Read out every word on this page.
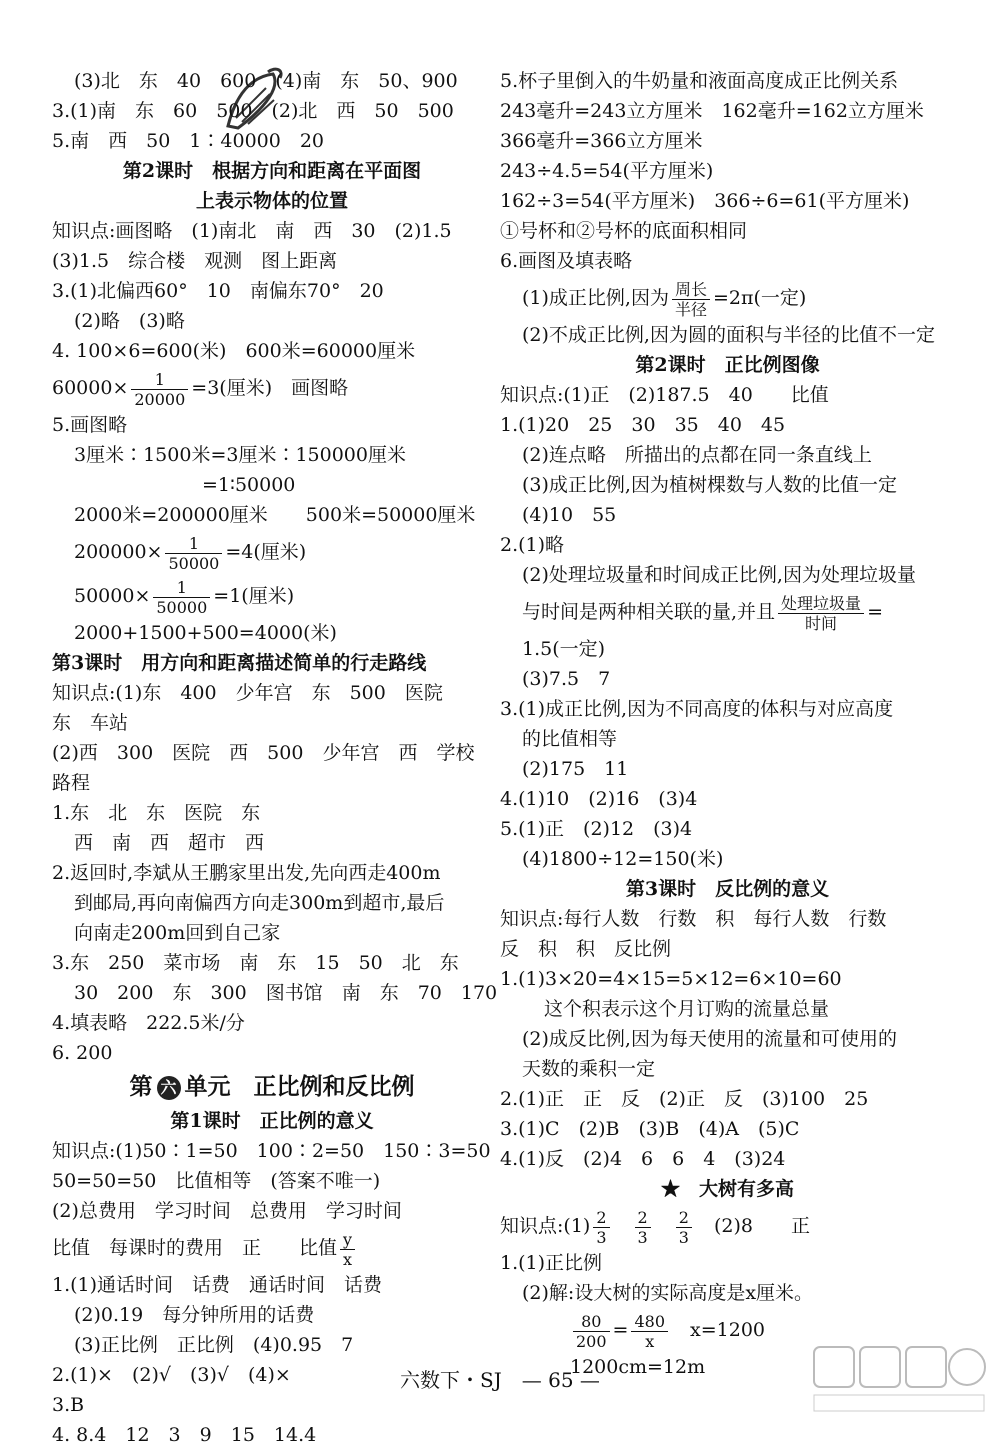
(3)北　东　40　600　(4)南　东　50、900
3.(1)南　东　60　500　(2)北　西　50　500
5.南　西　50　1∶40000　20
第2课时　根据方向和距离在平面图
上表示物体的位置
知识点:画图略　(1)南北　南　西　30　(2)1.5
(3)1.5　综合楼　观测　图上距离
3.(1)北偏西60°　10　南偏东70°　20
(2)略　(3)略
4. 100×6=600(米)　600米=60000厘米
$60000\times \frac{1}{20000} =3$(厘米)　画图略
5.画图略
3厘米∶1500米=3厘米∶150000厘米
=1∶50000
2000米=200000厘米　　500米=50000厘米
$200000\times \frac{1}{50000} =4$(厘米)
$50000\times \frac{1}{50000} =1$(厘米)
2000+1500+500=4000(米)
第3课时　用方向和距离描述简单的行走路线
知识点:(1)东　400　少年宫　东　500　医院
东　车站
(2)西　300　医院　西　500　少年宫　西　学校
路程
1.东　北　东　医院　东
西　南　西　超市　西
2.返回时,李斌从王鹏家里出发,先向西走400m
到邮局,再向南偏西方向走300m到超市,最后
向南走200m回到自己家
3.东　250　菜市场　南　东　15　50　北　东
30　200　东　300　图书馆　南　东　70　170
4.填表略　222.5米/分
6. 200
第 六 单元　正比例和反比例
第1课时　正比例的意义
知识点:(1)50∶1=50　100∶2=50　150∶3=50
50=50=50　比值相等　(答案不唯一)
(2)总费用　学习时间　总费用　学习时间
比值　每课时的费用　正　　比值 $\frac{y}{x}$
1.(1)通话时间　话费　通话时间　话费
(2)0.19　每分钟所用的话费
(3)正比例　正比例　(4)0.95　7
2.(1)×　(2)√　(3)√　(4)×
3.B
4. 8.4　12　3　9　15　14.4
5.杯子里倒入的牛奶量和液面高度成正比例关系
243毫升=243立方厘米　162毫升=162立方厘米
366毫升=366立方厘米
243÷4.5=54(平方厘米)
162÷3=54(平方厘米)　366÷6=61(平方厘米)
①号杯和②号杯的底面积相同
6.画图及填表略
(1)成正比例,因为 $\frac{\text{周长}}{\text{半径}} =2\pi$(一定)
(2)不成正比例,因为圆的面积与半径的比值不一定
第2课时　正比例图像
知识点:(1)正　(2)187.5　40　　比值
1.(1)20　25　30　35　40　45
(2)连点略　所描出的点都在同一条直线上
(3)成正比例,因为植树棵数与人数的比值一定
(4)10　55
2.(1)略
(2)处理垃圾量和时间成正比例,因为处理垃圾量
与时间是两种相关联的量,并且 $\frac{\text{处理垃圾量}}{\text{时间}}$ =
1.5(一定)
(3)7.5　7
3.(1)成正比例,因为不同高度的体积与对应高度
的比值相等
(2)175　11
4.(1)10　(2)16　(3)4
5.(1)正　(2)12　(3)4
(4)1800÷12=150(米)
第3课时　反比例的意义
知识点:每行人数　行数　积　每行人数　行数
反　积　积　反比例
1.(1)3×20=4×15=5×12=6×10=60
这个积表示这个月订购的流量总量
(2)成反比例,因为每天使用的流量和可使用的
天数的乘积一定
2.(1)正　正　反　(2)正　反　(3)100　25
3.(1)C　(2)B　(3)B　(4)A　(5)C
4.(1)反　(2)4　6　6　4　(3)24
★　大树有多高
知识点:(1) $\frac{2}{3}$
　 $\frac{2}{3}$
　 $\frac{2}{3}$
　 (2)8　　正
1.(1)正比例
(2)解:设大树的实际高度是x厘米。
$\frac{80}{200} = \frac{480}{x}$
　 x=1200
1200cm=12m
六数下・SJ　— 65 —
